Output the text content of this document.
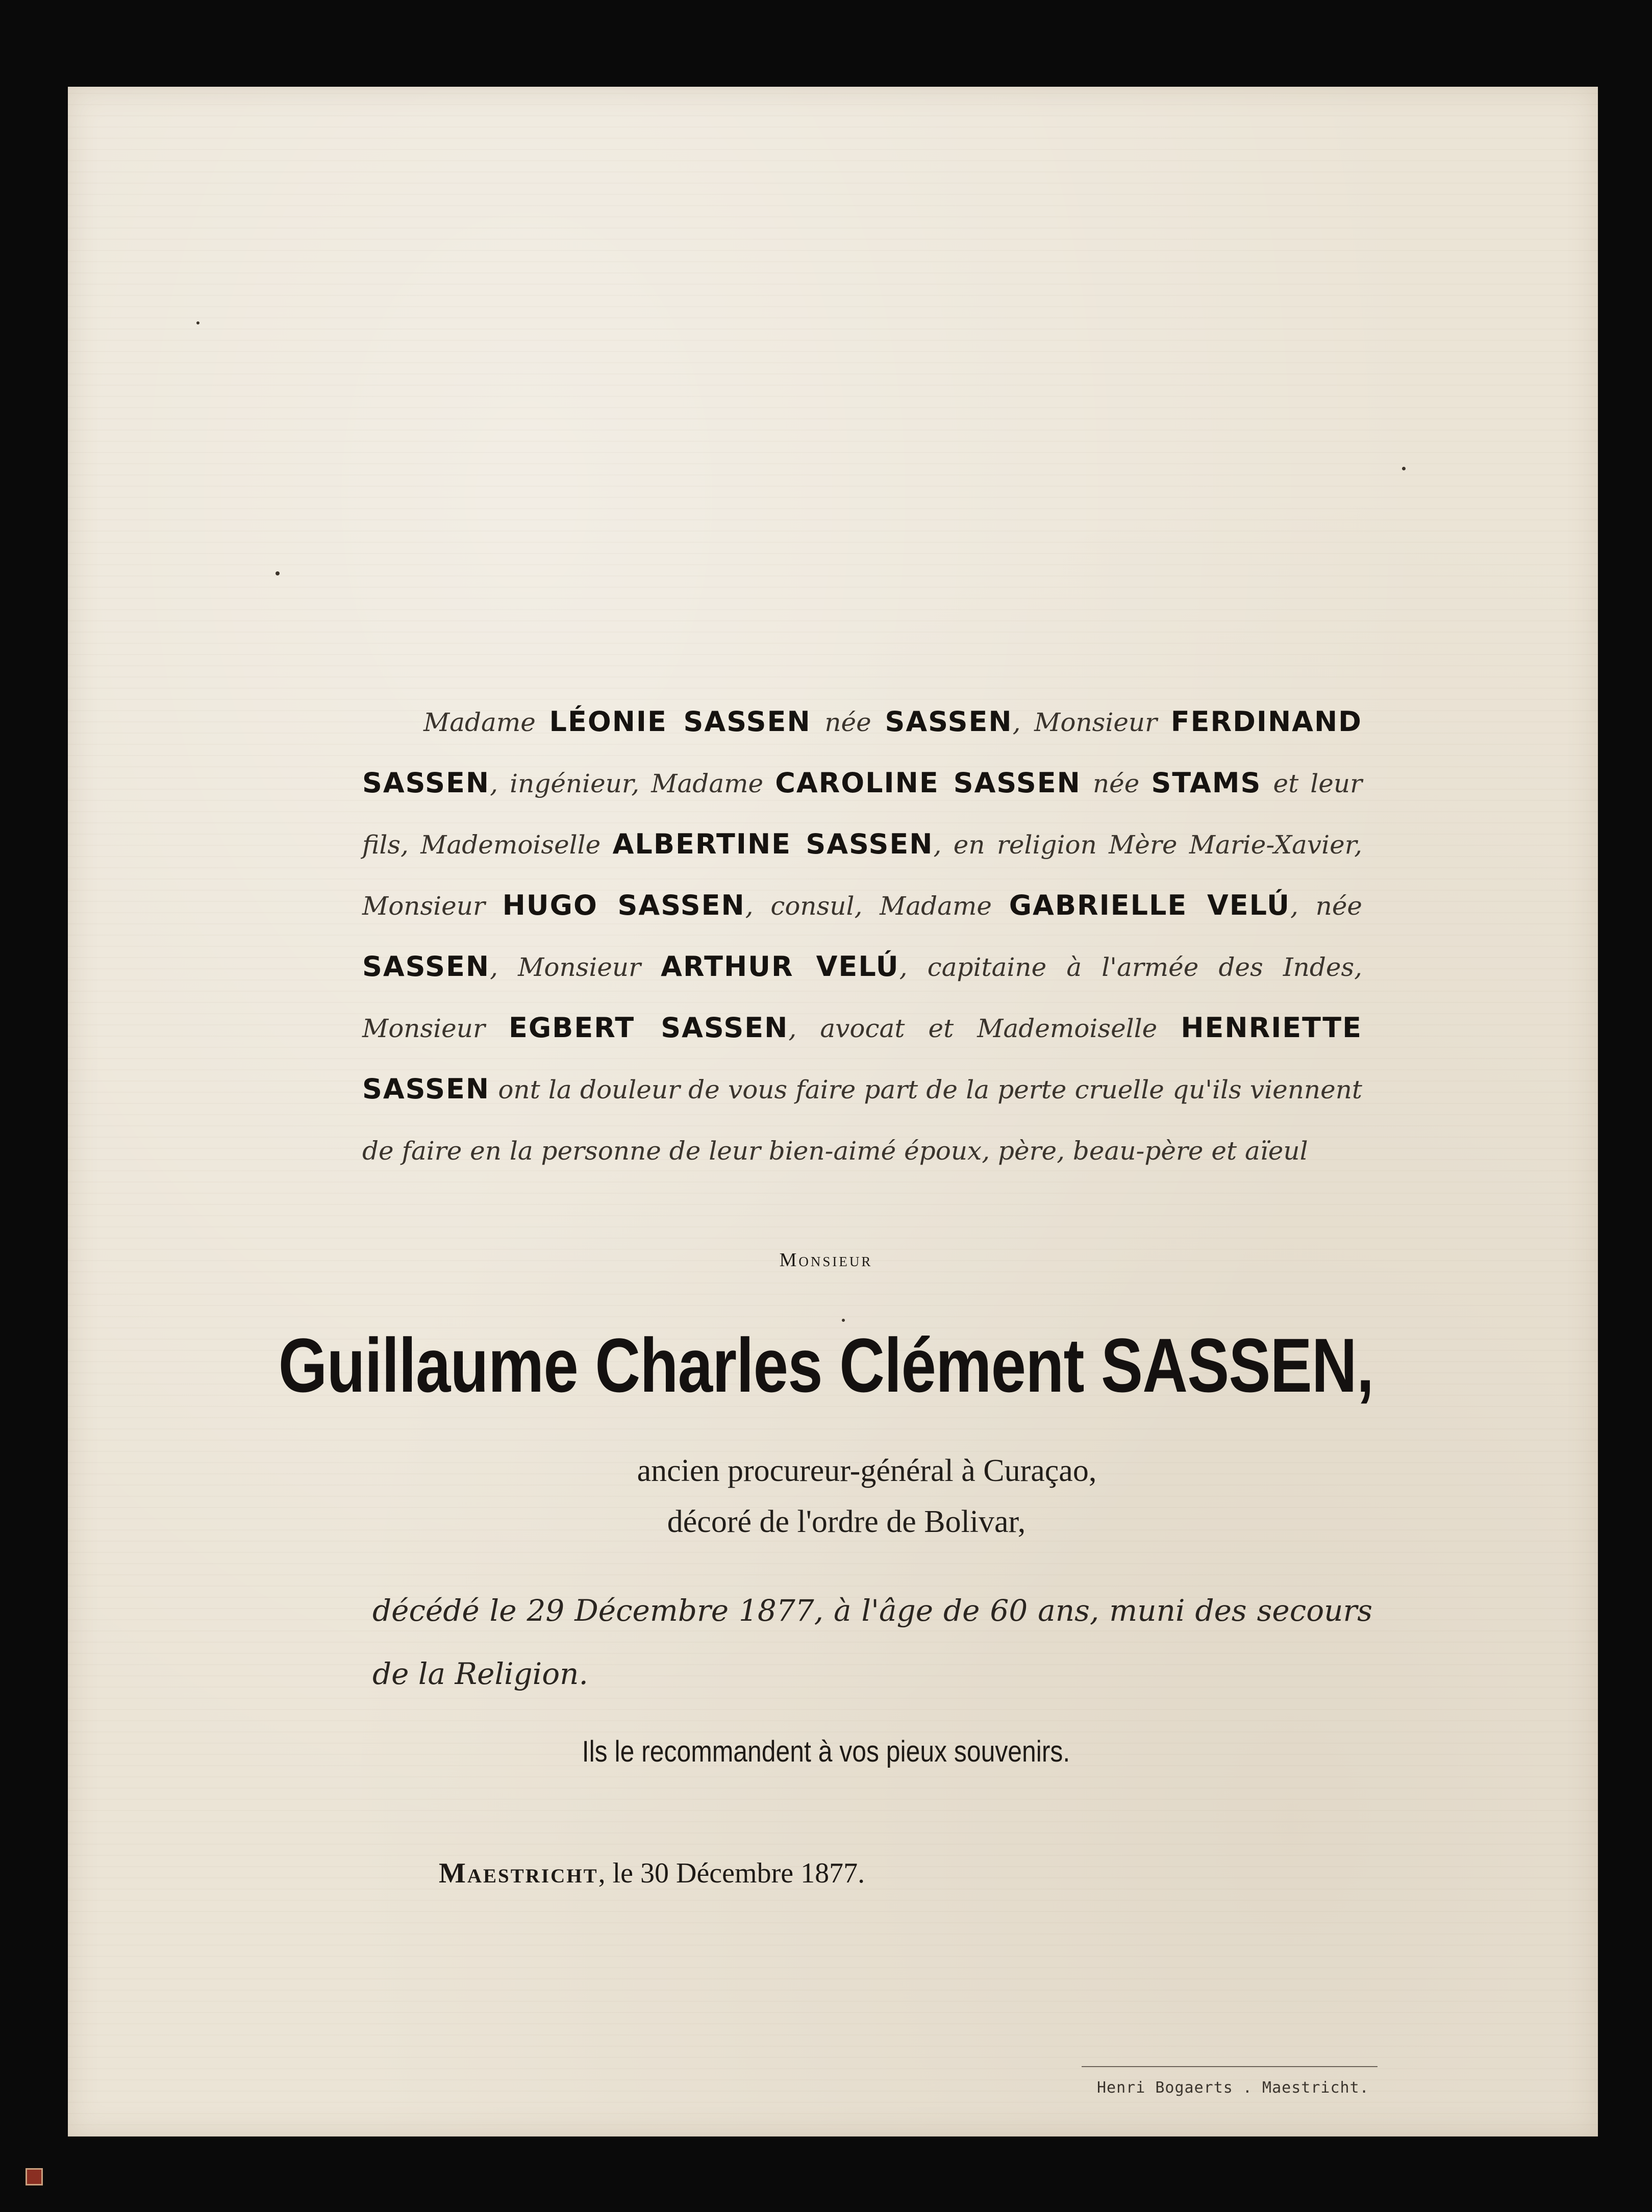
Madame LÉONIE SASSEN née SASSEN, Monsieur FERDINAND SASSEN, ingénieur, Madame CAROLINE SASSEN née STAMS et leur fils, Mademoiselle ALBERTINE SASSEN, en religion Mère Marie-Xavier, Monsieur HUGO SASSEN, consul, Madame GABRIELLE VELÚ, née SASSEN, Monsieur ARTHUR VELÚ, capitaine à l'armée des Indes, Monsieur EGBERT SASSEN, avocat et Mademoiselle HENRIETTE SASSEN ont la douleur de vous faire part de la perte cruelle qu'ils viennent de faire en la personne de leur bien-aimé époux, père, beau-père et aïeul

Monsieur
Guillaume Charles Clément SASSEN,
ancien procureur-général à Curaçao,
décoré de l'ordre de Bolivar,
décédé le 29 Décembre 1877, à l'âge de 60 ans, muni des secours de la Religion.
Ils le recommandent à vos pieux souvenirs.
Maestricht, le 30 Décembre 1877.
Henri Bogaerts . Maestricht.
